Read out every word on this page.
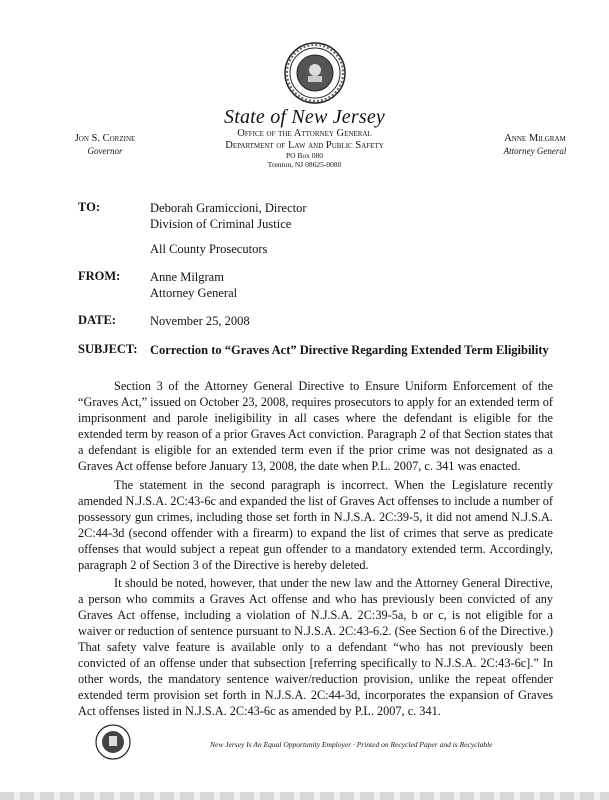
State of New Jersey
Office of the Attorney General
Department of Law and Public Safety
PO Box 080
Trenton, NJ 08625-0080
Jon S. Corzine
Governor
Anne Milgram
Attorney General
TO:	Deborah Gramiccioni, Director
Division of Criminal Justice
All County Prosecutors
FROM: Anne Milgram
Attorney General
DATE:	November 25, 2008
SUBJECT: Correction to “Graves Act” Directive Regarding Extended Term Eligibility

Section 3 of the Attorney General Directive to Ensure Uniform Enforcement of the “Graves Act,” issued on October 23, 2008, requires prosecutors to apply for an extended term of imprisonment and parole ineligibility in all cases where the defendant is eligible for the extended term by reason of a prior Graves Act conviction. Paragraph 2 of that Section states that a defendant is eligible for an extended term even if the prior crime was not designated as a Graves Act offense before January 13, 2008, the date when P.L. 2007, c. 341 was enacted.

The statement in the second paragraph is incorrect. When the Legislature recently amended N.J.S.A. 2C:43-6c and expanded the list of Graves Act offenses to include a number of possessory gun crimes, including those set forth in N.J.S.A. 2C:39-5, it did not amend N.J.S.A. 2C:44-3d (second offender with a firearm) to expand the list of crimes that serve as predicate offenses that would subject a repeat gun offender to a mandatory extended term. Accordingly, paragraph 2 of Section 3 of the Directive is hereby deleted.

It should be noted, however, that under the new law and the Attorney General Directive, a person who commits a Graves Act offense and who has previously been convicted of any Graves Act offense, including a violation of N.J.S.A. 2C:39-5a, b or c, is not eligible for a waiver or reduction of sentence pursuant to N.J.S.A. 2C:43-6.2. (See Section 6 of the Directive.) That safety valve feature is available only to a defendant “who has not previously been convicted of an offense under that subsection [referring specifically to N.J.S.A. 2C:43-6c].” In other words, the mandatory sentence waiver/reduction provision, unlike the repeat offender extended term provision set forth in N.J.S.A. 2C:44-3d, incorporates the expansion of Graves Act offenses listed in N.J.S.A. 2C:43-6c as amended by P.L. 2007, c. 341.

New Jersey Is An Equal Opportunity Employer · Printed on Recycled Paper and is Recyclable
